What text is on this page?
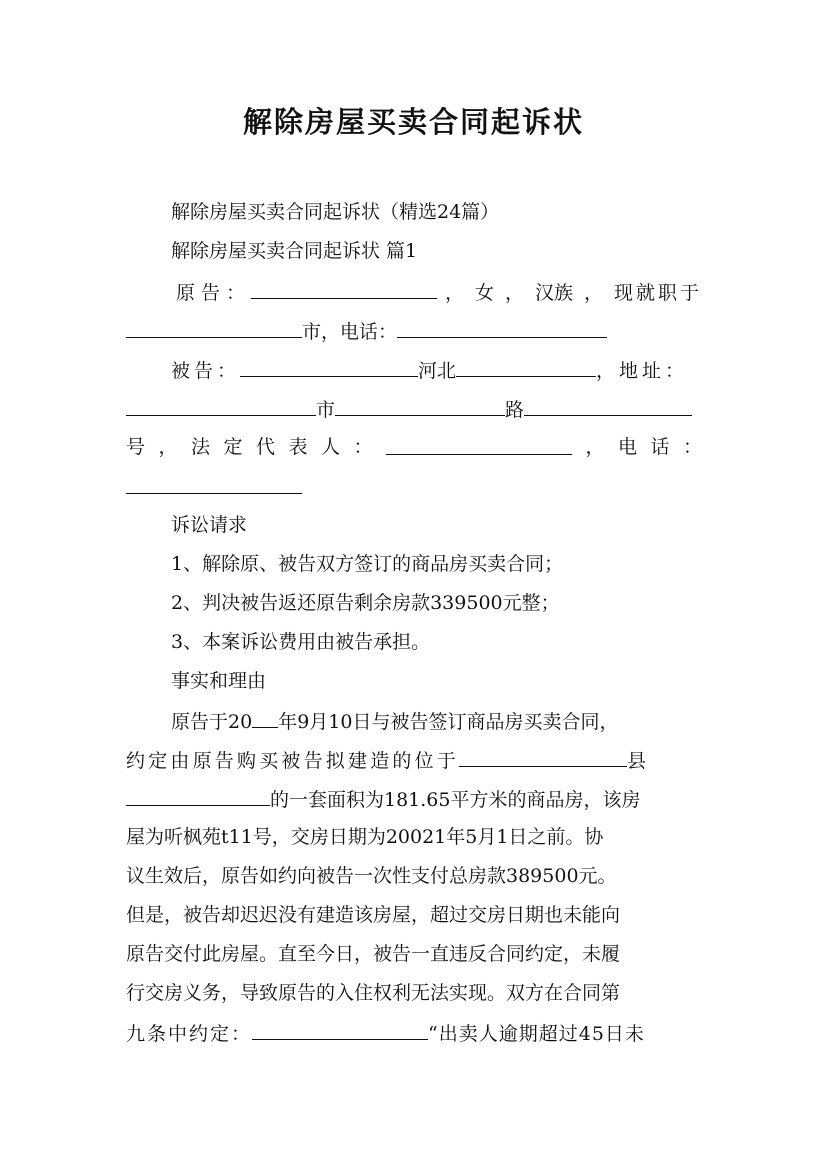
解除房屋买卖合同起诉状
解除房屋买卖合同起诉状（精选24篇）
解除房屋买卖合同起诉状 篇1
原告：	， 女 ， 汉族 ， 现就职于
市，电话：
被告：	河北	，地址：
市	路
号 ， 法 定 代 表 人 ：	， 电 话 ：
诉讼请求
1、解除原、被告双方签订的商品房买卖合同；
2、判决被告返还原告剩余房款339500元整；
3、本案诉讼费用由被告承担。
事实和理由
原告于20 年9月10日与被告签订商品房买卖合同，
约定由原告购买被告拟建造的位于	县
的一套面积为181.65平方米的商品房，该房
屋为听枫苑t11号，交房日期为20021年5月1日之前。协
议生效后，原告如约向被告一次性支付总房款389500元。
但是，被告却迟迟没有建造该房屋，超过交房日期也未能向
原告交付此房屋。直至今日，被告一直违反合同约定，未履
行交房义务，导致原告的入住权利无法实现。双方在合同第
九条中约定：	“出卖人逾期超过45日未
